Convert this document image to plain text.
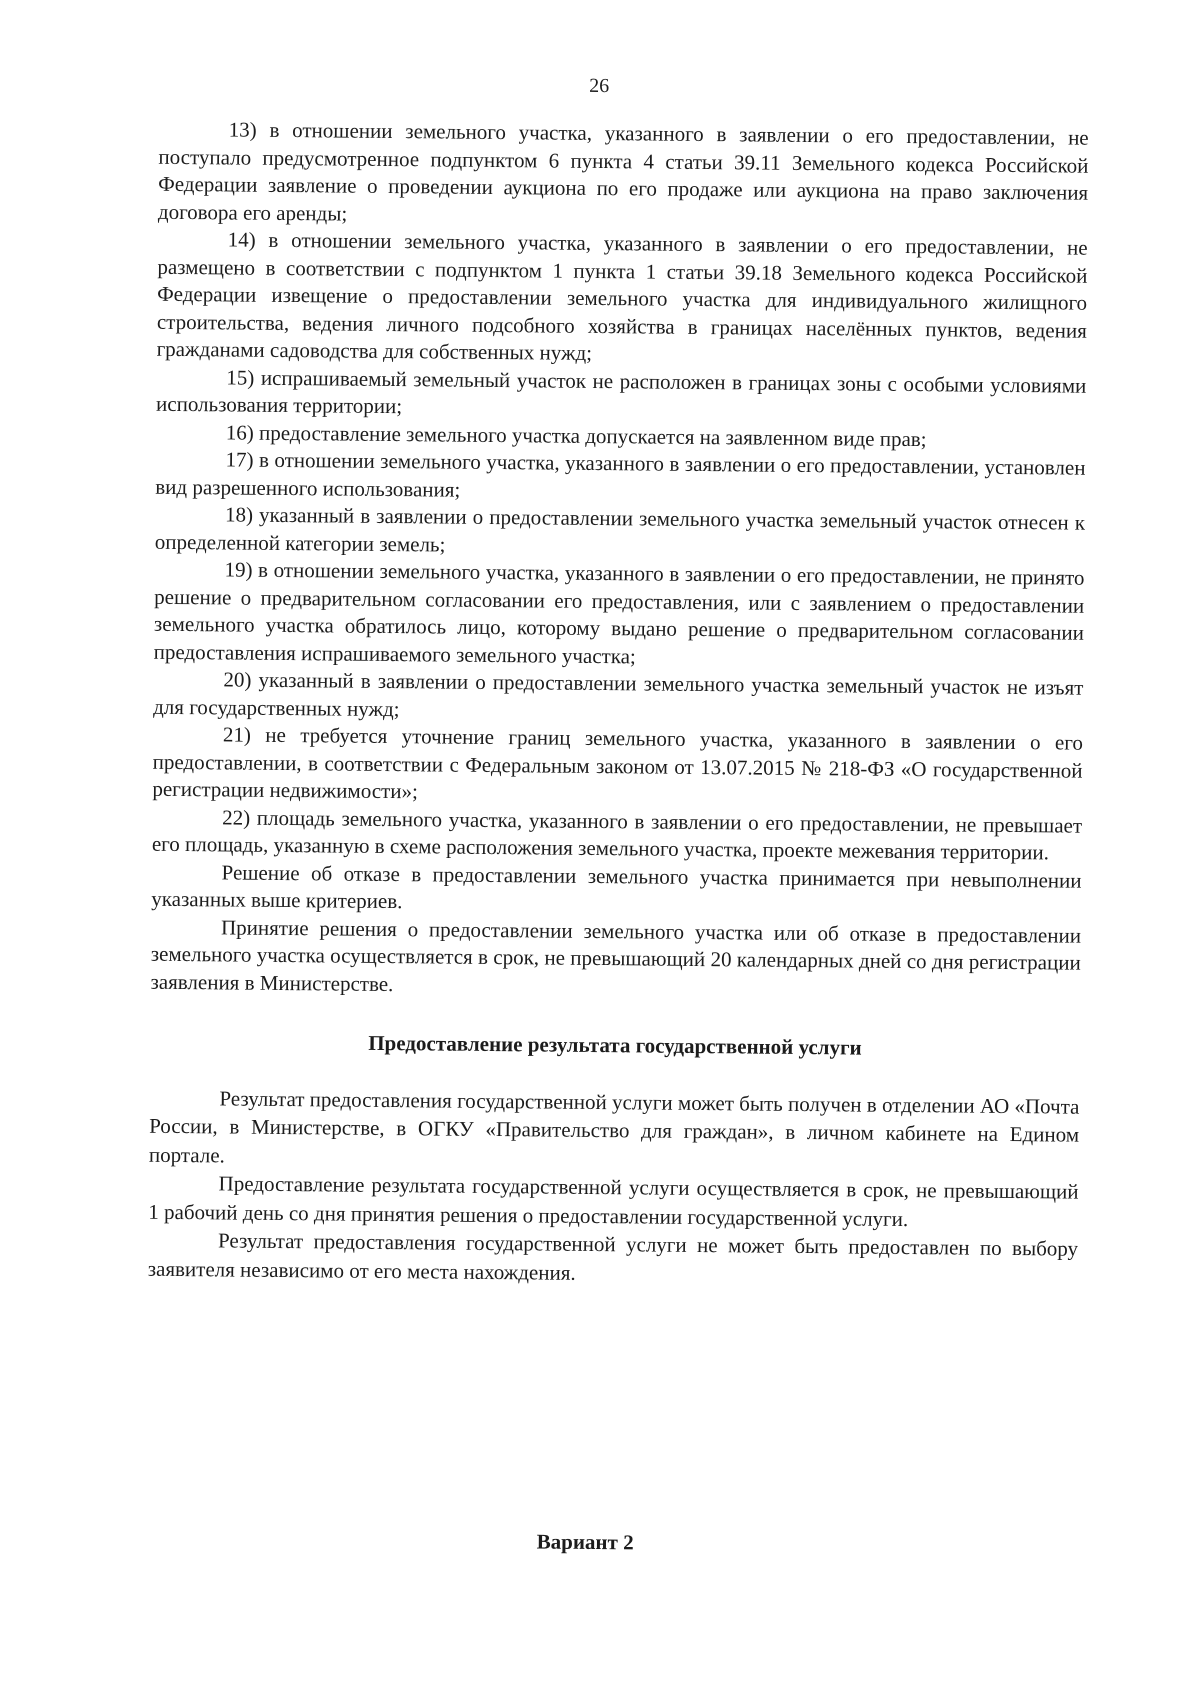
26

13) в отношении земельного участка, указанного в заявлении о его предоставлении, не поступало предусмотренное подпунктом 6 пункта 4 статьи 39.11 Земельного кодекса Российской Федерации заявление о проведении аукциона по его продаже или аукциона на право заключения договора его аренды;

14) в отношении земельного участка, указанного в заявлении о его предоставлении, не размещено в соответствии с подпунктом 1 пункта 1 статьи 39.18 Земельного кодекса Российской Федерации извещение о предоставлении земельного участка для индивидуального жилищного строительства, ведения личного подсобного хозяйства в границах населённых пунктов, ведения гражданами садоводства для собственных нужд;

15) испрашиваемый земельный участок не расположен в границах зоны с особыми условиями использования территории;

16) предоставление земельного участка допускается на заявленном виде прав;

17) в отношении земельного участка, указанного в заявлении о его предоставлении, установлен вид разрешенного использования;

18) указанный в заявлении о предоставлении земельного участка земельный участок отнесен к определенной категории земель;

19) в отношении земельного участка, указанного в заявлении о его предоставлении, не принято решение о предварительном согласовании его предоставления, или с заявлением о предоставлении земельного участка обратилось лицо, которому выдано решение о предварительном согласовании предоставления испрашиваемого земельного участка;

20) указанный в заявлении о предоставлении земельного участка земельный участок не изъят для государственных нужд;

21) не требуется уточнение границ земельного участка, указанного в заявлении о его предоставлении, в соответствии с Федеральным законом от 13.07.2015 № 218-ФЗ «О государственной регистрации недвижимости»;

22) площадь земельного участка, указанного в заявлении о его предоставлении, не превышает его площадь, указанную в схеме расположения земельного участка, проекте межевания территории.

Решение об отказе в предоставлении земельного участка принимается при невыполнении указанных выше критериев.

Принятие решения о предоставлении земельного участка или об отказе в предоставлении земельного участка осуществляется в срок, не превышающий 20 календарных дней со дня регистрации заявления в Министерстве.

Предоставление результата государственной услуги

Результат предоставления государственной услуги может быть получен в отделении АО «Почта России, в Министерстве, в ОГКУ «Правительство для граждан», в личном кабинете на Едином портале.

Предоставление результата государственной услуги осуществляется в срок, не превышающий 1 рабочий день со дня принятия решения о предоставлении государственной услуги.

Результат предоставления государственной услуги не может быть предоставлен по выбору заявителя независимо от его места нахождения.

Вариант 2
